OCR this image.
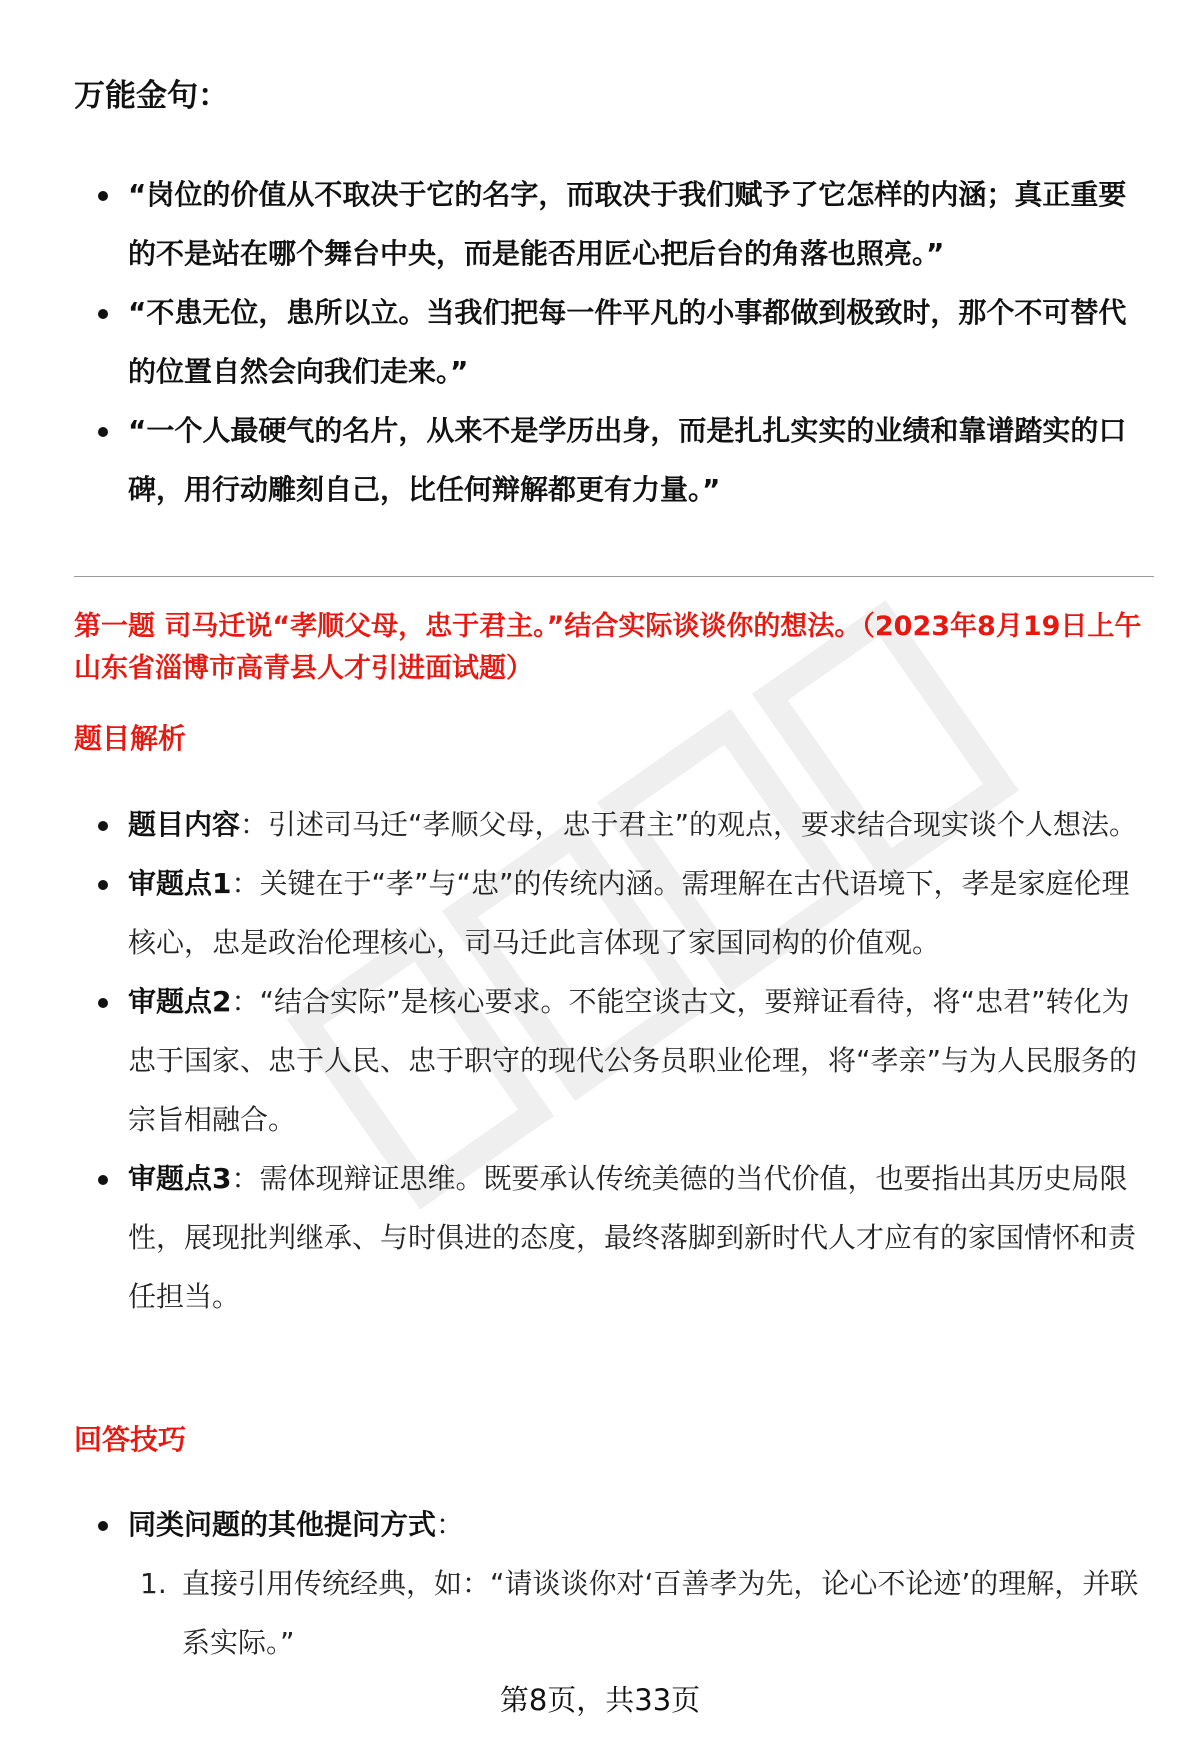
万能金句：
“岗位的价值从不取决于它的名字，而取决于我们赋予了它怎样的内涵；真正重要的不是站在哪个舞台中央，而是能否用匠心把后台的角落也照亮。”
“不患无位，患所以立。当我们把每一件平凡的小事都做到极致时，那个不可替代的位置自然会向我们走来。”
“一个人最硬气的名片，从来不是学历出身，而是扎扎实实的业绩和靠谱踏实的口碑，用行动雕刻自己，比任何辩解都更有力量。”
第一题 司马迁说“孝顺父母，忠于君主。”结合实际谈谈你的想法。（2023年8月19日上午山东省淄博市高青县人才引进面试题）
题目解析
题目内容：引述司马迁“孝顺父母，忠于君主”的观点，要求结合现实谈个人想法。
审题点1：关键在于“孝”与“忠”的传统内涵。需理解在古代语境下，孝是家庭伦理核心，忠是政治伦理核心，司马迁此言体现了家国同构的价值观。
审题点2：“结合实际”是核心要求。不能空谈古文，要辩证看待，将“忠君”转化为忠于国家、忠于人民、忠于职守的现代公务员职业伦理，将“孝亲”与为人民服务的宗旨相融合。
审题点3：需体现辩证思维。既要承认传统美德的当代价值，也要指出其历史局限性，展现批判继承、与时俱进的态度，最终落脚到新时代人才应有的家国情怀和责任担当。
回答技巧
同类问题的其他提问方式：
1. 直接引用传统经典，如：“请谈谈你对‘百善孝为先，论心不论迹’的理解，并联系实际。”
第8页，共33页
